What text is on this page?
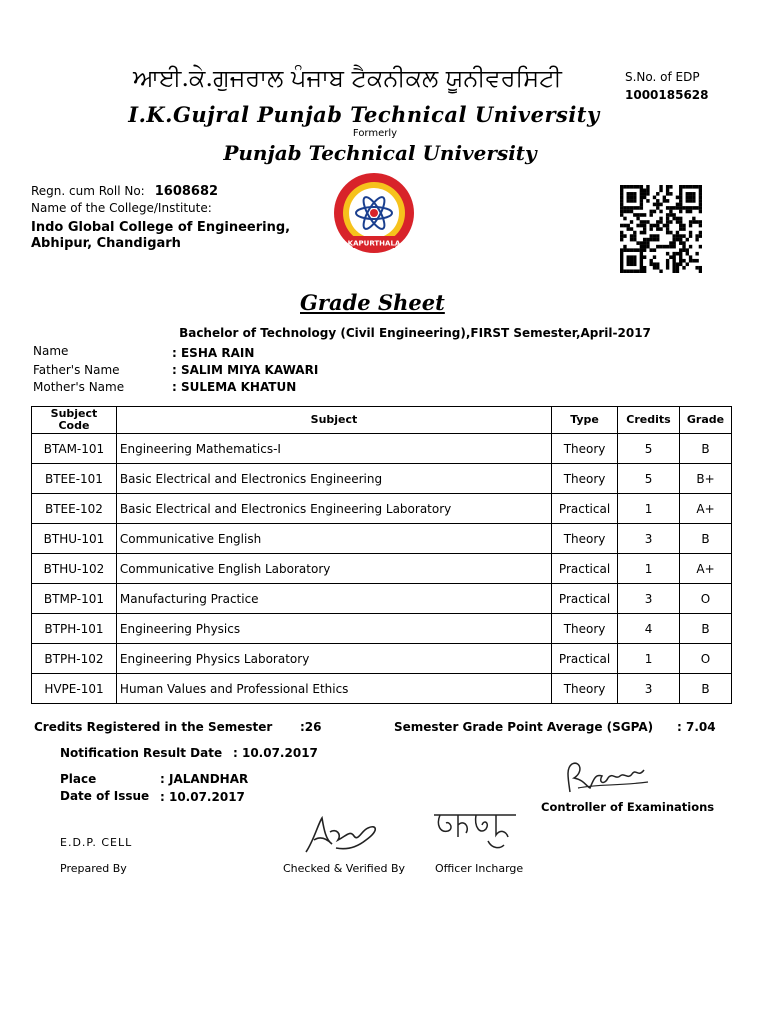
ਆਈ.ਕੇ.ਗੁਜਰਾਲ ਪੰਜਾਬ ਟੈਕਨੀਕਲ ਯੂਨੀਵਰਸਿਟੀ
I.K.Gujral Punjab Technical University
Formerly
Punjab Technical University
S.No. of EDP
1000185628
Regn. cum Roll No: 1608682
Name of the College/Institute:
Indo Global College of Engineering,
Abhipur, Chandigarh	KAPURTHALA
Grade Sheet
Bachelor of Technology (Civil Engineering),FIRST Semester,April-2017
Name	: ESHA RAIN
Father's Name	: SALIM MIYA KAWARI
Mother's Name	: SULEMA KHATUN
Subject Code	Subject	Type	Credits	Grade
BTAM-101	Engineering Mathematics-I	Theory	5	B
BTEE-101	Basic Electrical and Electronics Engineering	Theory	5	B+
BTEE-102	Basic Electrical and Electronics Engineering Laboratory	Practical	1	A+
BTHU-101	Communicative English	Theory	3	B
BTHU-102	Communicative English Laboratory	Practical	1	A+
BTMP-101	Manufacturing Practice	Practical	3	O
BTPH-101	Engineering Physics	Theory	4	B
BTPH-102	Engineering Physics Laboratory	Practical	1	O
HVPE-101	Human Values and Professional Ethics	Theory	3	B
Credits Registered in the Semester :26	Semester Grade Point Average (SGPA) : 7.04
Notification Result Date : 10.07.2017
Place	: JALANDHAR
Date of Issue : 10.07.2017
Controller of Examinations
E.D.P. CELL
Prepared By	Checked & Verified By	Officer Incharge
